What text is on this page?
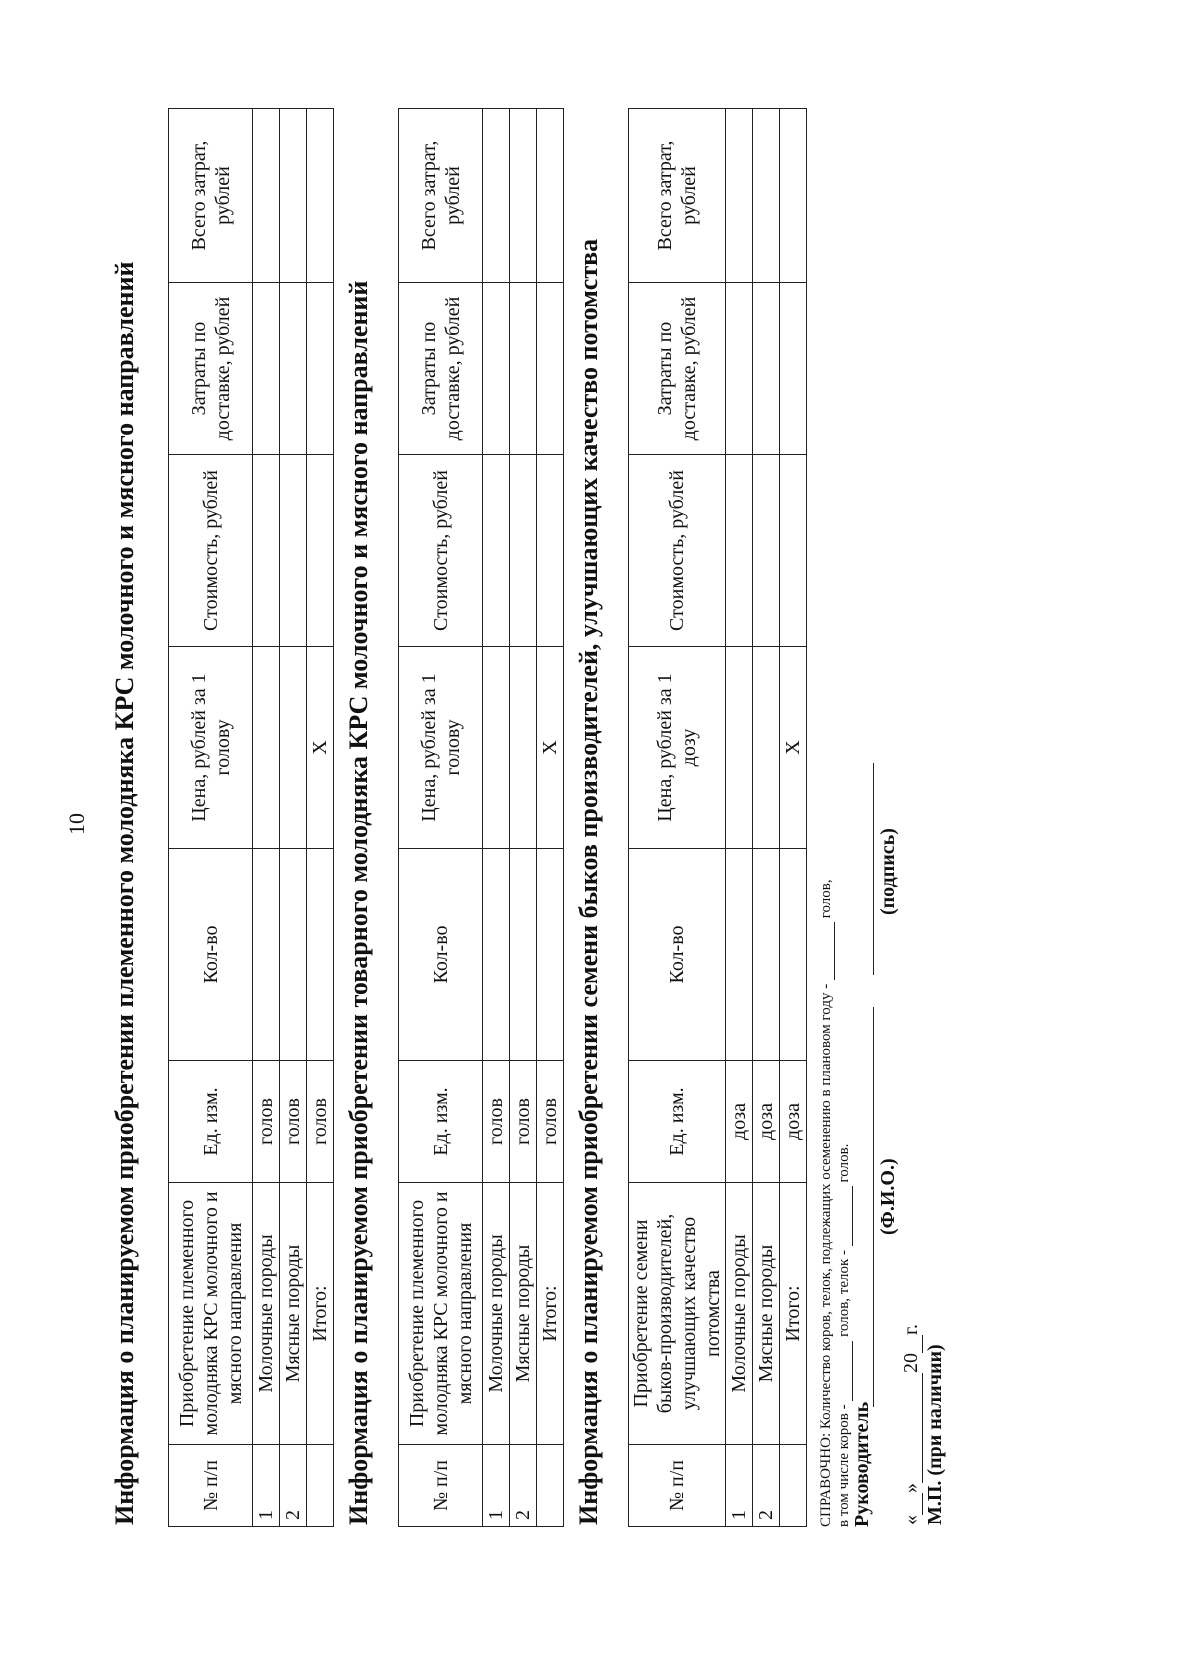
10 Информация о планируемом приобретении племенного молодняка КРС молочного и мясного направлений	№ п/п	Приобретение племенного молодняка КРС молочного и мясного направления	Ед. изм.	Кол-во	Цена, рублей за 1 голову	Стоимость, рублей	Затраты по доставке, рублей	Всего затрат, рублей
1	Молочные породы	голов					
2	Мясные породы	голов					
	Итого:	голов		Х			Информация о планируемом приобретении товарного молодняка КРС молочного и мясного направлений	№ п/п	Приобретение племенного молодняка КРС молочного и мясного направления	Ед. изм.	Кол-во	Цена, рублей за 1 голову	Стоимость, рублей	Затраты по доставке, рублей	Всего затрат, рублей
1	Молочные породы	голов					
2	Мясные породы	голов					
	Итого:	голов		Х			Информация о планируемом приобретении семени быков производителей, улучшающих качество потомства	№ п/п	Приобретение семени быков-производителей, улучшающих качество потомства	Ед. изм.	Кол-во	Цена, рублей за 1 дозу	Стоимость, рублей	Затраты по доставке, рублей	Всего затрат, рублей
1	Молочные породы	доза					
2	Мясные породы	доза					
	Итого:	доза		Х			
СПРАВОЧНО: Количество коров, телок, подлежащих осеменению в плановом году -  голов,
в том числе коров -  голов, телок -  голов.
Руководитель
(Ф.И.О.)
(подпись)
«»20г.
М.П. (при наличии)
